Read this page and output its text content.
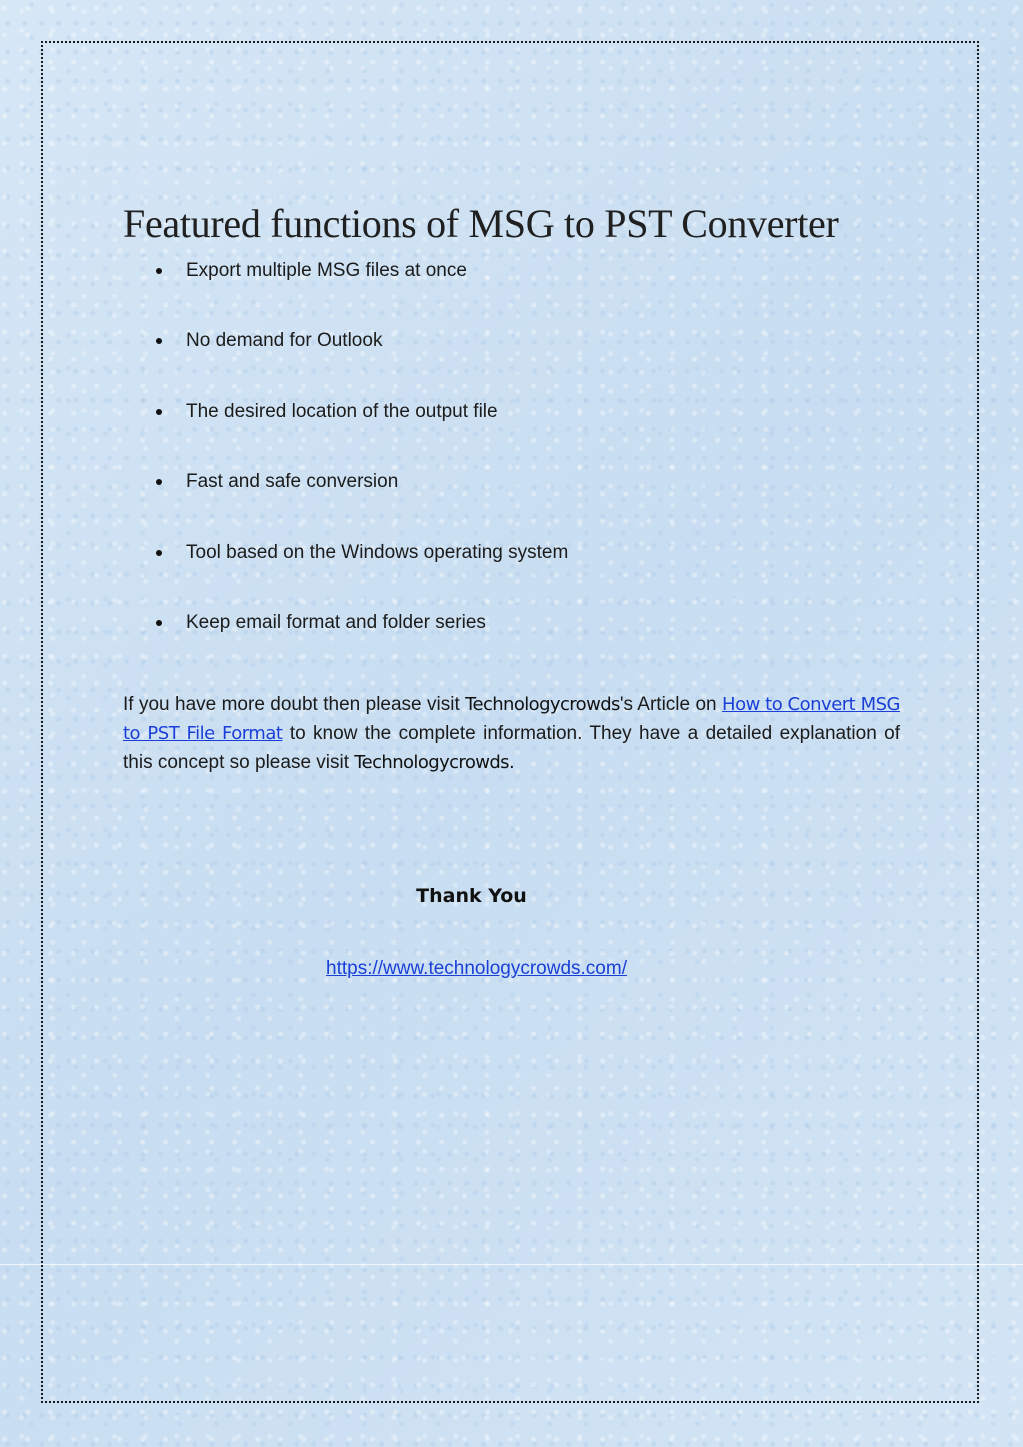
Featured functions of MSG to PST Converter
Export multiple MSG files at once
No demand for Outlook
The desired location of the output file
Fast and safe conversion
Tool based on the Windows operating system
Keep email format and folder series

If you have more doubt then please visit Technologycrowds's Article on How to Convert MSG to PST File Format to know the complete information. They have a detailed explanation of this concept so please visit Technologycrowds.

Thank You
https://www.technologycrowds.com/
